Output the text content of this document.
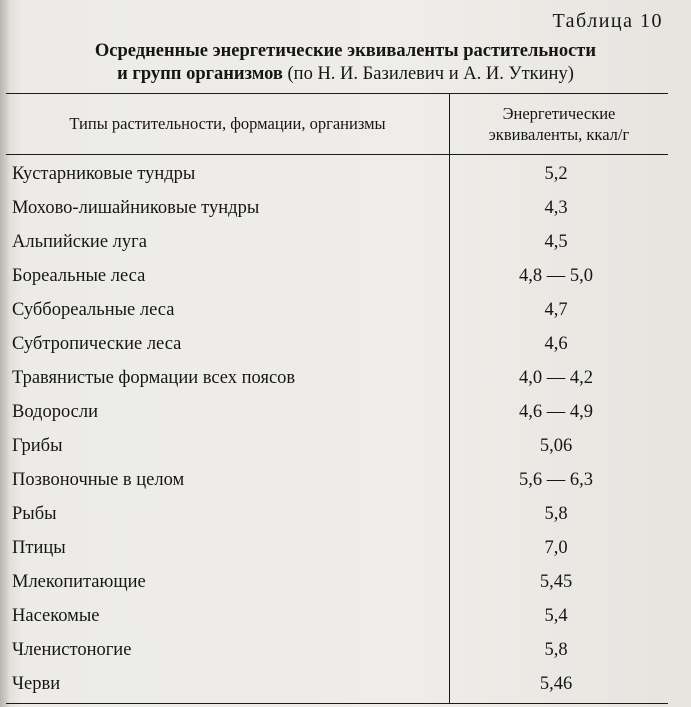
Таблица 10
Осредненные энергетические эквиваленты растительности
и групп организмов (по Н. И. Базилевич и А. И. Уткину)
Типы растительности, формации, организмы
Энергетические
эквиваленты, ккал/г
Кустарниковые тундры
Мохово-лишайниковые тундры
Альпийские луга
Бореальные леса
Суббореальные леса
Субтропические леса
Травянистые формации всех поясов
Водоросли
Грибы
Позвоночные в целом
Рыбы
Птицы
Млекопитающие
Насекомые
Членистоногие
Черви
5,2
4,3
4,5
4,8 — 5,0
4,7
4,6
4,0 — 4,2
4,6 — 4,9
5,06
5,6 — 6,3
5,8
7,0
5,45
5,4
5,8
5,46
